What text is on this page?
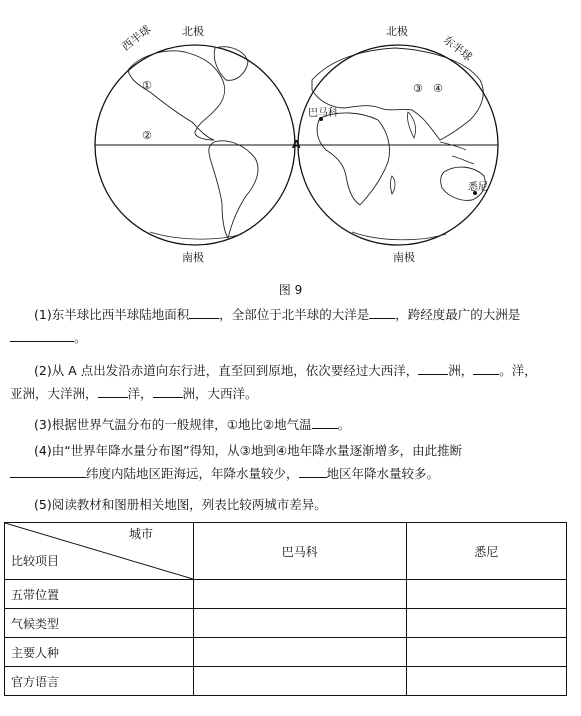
北极	北极
西半球	东半球
①
②
③ ④
A
巴马科
悉尼
南极	南极
图 9

(1)东半球比西半球陆地面积 ，全部位于北半球的大洋是 ，跨经度最广的大洲是

。

(2)从 A 点出发沿赤道向东行进，直至回到原地，依次要经过大西洋， 洲， 。洋，

亚洲，大洋洲， 洋， 洲，大西洋。

(3)根据世界气温分布的一般规律，①地比②地气温 。

(4)由“世界年降水量分布图”得知，从③地到④地年降水量逐渐增多，由此推断

纬度内陆地区距海远，年降水量较少， 地区年降水量较多。

(5)阅读教材和图册相关地图，列表比较两城市差异。

城市
比较项目	巴马科	悉尼
五带位置		
气候类型		
主要人种		
官方语言		
